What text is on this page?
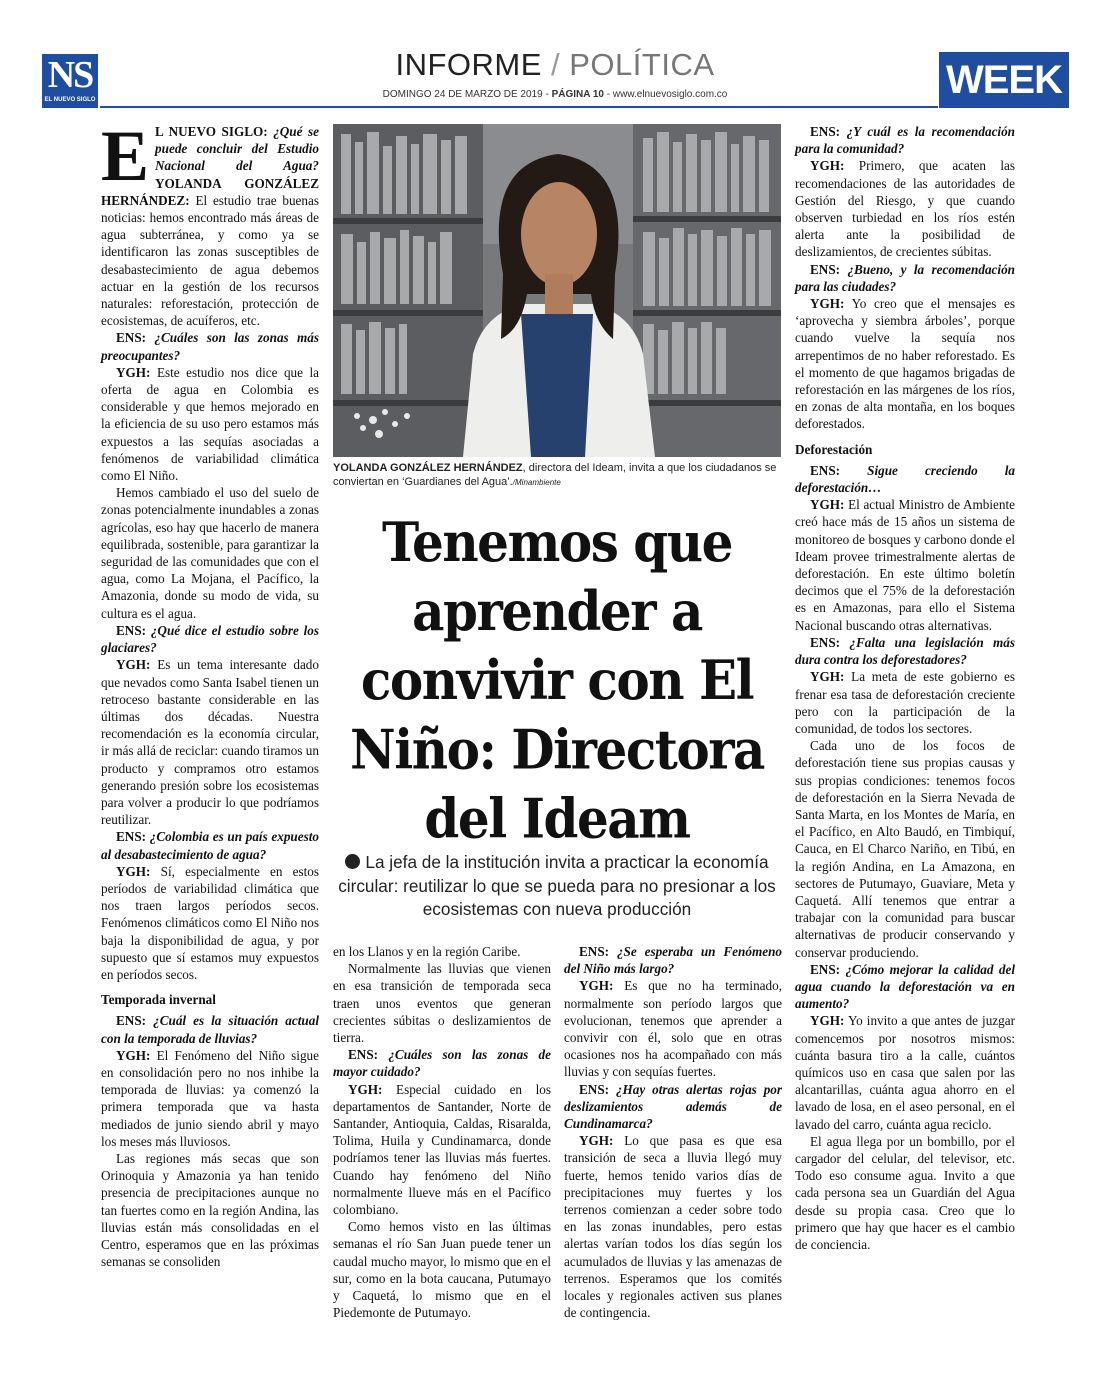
NS
EL NUEVO SIGLO
INFORME / POLÍTICA
DOMINGO 24 DE MARZO DE 2019 - PÁGINA 10 - www.elnuevosiglo.com.co	WEEK

E L NUEVO SIGLO: ¿Qué se puede concluir del Estudio Nacional del Agua? YOLANDA GONZÁLEZ HERNÁNDEZ: El estudio trae buenas noticias: hemos encontrado más áreas de agua subterránea, y como ya se identificaron las zonas susceptibles de desabastecimiento de agua debemos actuar en la gestión de los recursos naturales: reforestación, protección de ecosistemas, de acuíferos, etc.

ENS: ¿Cuáles son las zonas más preocupantes?

YGH: Este estudio nos dice que la oferta de agua en Colombia es considerable y que hemos mejorado en la eficiencia de su uso pero estamos más expuestos a las sequías asociadas a fenómenos de variabilidad climática como El Niño.

Hemos cambiado el uso del suelo de zonas potencialmente inundables a zonas agrícolas, eso hay que hacerlo de manera equilibrada, sostenible, para garantizar la seguridad de las comunidades que con el agua, como La Mojana, el Pacífico, la Amazonia, donde su modo de vida, su cultura es el agua.

ENS: ¿Qué dice el estudio sobre los glaciares?

YGH: Es un tema interesante dado que nevados como Santa Isabel tienen un retroceso bastante considerable en las últimas dos décadas. Nuestra recomendación es la economía circular, ir más allá de reciclar: cuando tiramos un producto y compramos otro estamos generando presión sobre los ecosistemas para volver a producir lo que podríamos reutilizar.

ENS: ¿Colombia es un país expuesto al desabastecimiento de agua?

YGH: Sí, especialmente en estos períodos de variabilidad climática que nos traen largos períodos secos. Fenómenos climáticos como El Niño nos baja la disponibilidad de agua, y por supuesto que sí estamos muy expuestos en períodos secos.

Temporada invernal

ENS: ¿Cuál es la situación actual con la temporada de lluvias?

YGH: El Fenómeno del Niño sigue en consolidación pero no nos inhibe la temporada de lluvias: ya comenzó la primera temporada que va hasta mediados de junio siendo abril y mayo los meses más lluviosos.

Las regiones más secas que son Orinoquia y Amazonia ya han tenido presencia de precipitaciones aunque no tan fuertes como en la región Andina, las lluvias están más consolidadas en el Centro, esperamos que en las próximas semanas se consoliden

YOLANDA GONZÁLEZ HERNÁNDEZ, directora del Ideam, invita a que los ciudadanos se conviertan en ‘Guardianes del Agua’./Minambiente
Tenemos que aprender a convivir con El Niño: Directora del Ideam
La jefa de la institución invita a practicar la economía circular: reutilizar lo que se pueda para no presionar a los ecosistemas con nueva producción

en los Llanos y en la región Caribe.

Normalmente las lluvias que vienen en esa transición de temporada seca traen unos eventos que generan crecientes súbitas o deslizamientos de tierra.

ENS: ¿Cuáles son las zonas de mayor cuidado?

YGH: Especial cuidado en los departamentos de Santander, Norte de Santander, Antioquia, Caldas, Risaralda, Tolima, Huila y Cundinamarca, donde podríamos tener las lluvias más fuertes. Cuando hay fenómeno del Niño normalmente llueve más en el Pacífico colombiano.

Como hemos visto en las últimas semanas el río San Juan puede tener un caudal mucho mayor, lo mismo que en el sur, como en la bota caucana, Putumayo y Caquetá, lo mismo que en el Piedemonte de Putumayo.

ENS: ¿Se esperaba un Fenómeno del Niño más largo?

YGH: Es que no ha terminado, normalmente son período largos que evolucionan, tenemos que aprender a convivir con él, solo que en otras ocasiones nos ha acompañado con más lluvias y con sequías fuertes.

ENS: ¿Hay otras alertas rojas por deslizamientos además de Cundinamarca?

YGH: Lo que pasa es que esa transición de seca a lluvia llegó muy fuerte, hemos tenido varios días de precipitaciones muy fuertes y los terrenos comienzan a ceder sobre todo en las zonas inundables, pero estas alertas varían todos los días según los acumulados de lluvias y las amenazas de terrenos. Esperamos que los comités locales y regionales activen sus planes de contingencia.

ENS: ¿Y cuál es la recomendación para la comunidad?

YGH: Primero, que acaten las recomendaciones de las autoridades de Gestión del Riesgo, y que cuando observen turbiedad en los ríos estén alerta ante la posibilidad de deslizamientos, de crecientes súbitas.

ENS: ¿Bueno, y la recomendación para las ciudades?

YGH: Yo creo que el mensajes es ‘aprovecha y siembra árboles’, porque cuando vuelve la sequía nos arrepentimos de no haber reforestado. Es el momento de que hagamos brigadas de reforestación en las márgenes de los ríos, en zonas de alta montaña, en los boques deforestados.

Deforestación

ENS: Sigue creciendo la deforestación…

YGH: El actual Ministro de Ambiente creó hace más de 15 años un sistema de monitoreo de bosques y carbono donde el Ideam provee trimestralmente alertas de deforestación. En este último boletín decimos que el 75% de la deforestación es en Amazonas, para ello el Sistema Nacional buscando otras alternativas.

ENS: ¿Falta una legislación más dura contra los deforestadores?

YGH: La meta de este gobierno es frenar esa tasa de deforestación creciente pero con la participación de la comunidad, de todos los sectores.

Cada uno de los focos de deforestación tiene sus propias causas y sus propias condiciones: tenemos focos de deforestación en la Sierra Nevada de Santa Marta, en los Montes de María, en el Pacífico, en Alto Baudó, en Timbiquí, Cauca, en El Charco Nariño, en Tibú, en la región Andina, en La Amazona, en sectores de Putumayo, Guaviare, Meta y Caquetá. Allí tenemos que entrar a trabajar con la comunidad para buscar alternativas de producir conservando y conservar produciendo.

ENS: ¿Cómo mejorar la calidad del agua cuando la deforestación va en aumento?

YGH: Yo invito a que antes de juzgar comencemos por nosotros mismos: cuánta basura tiro a la calle, cuántos químicos uso en casa que salen por las alcantarillas, cuánta agua ahorro en el lavado de losa, en el aseo personal, en el lavado del carro, cuánta agua reciclo.

El agua llega por un bombillo, por el cargador del celular, del televisor, etc. Todo eso consume agua. Invito a que cada persona sea un Guardián del Agua desde su propia casa. Creo que lo primero que hay que hacer es el cambio de conciencia.
